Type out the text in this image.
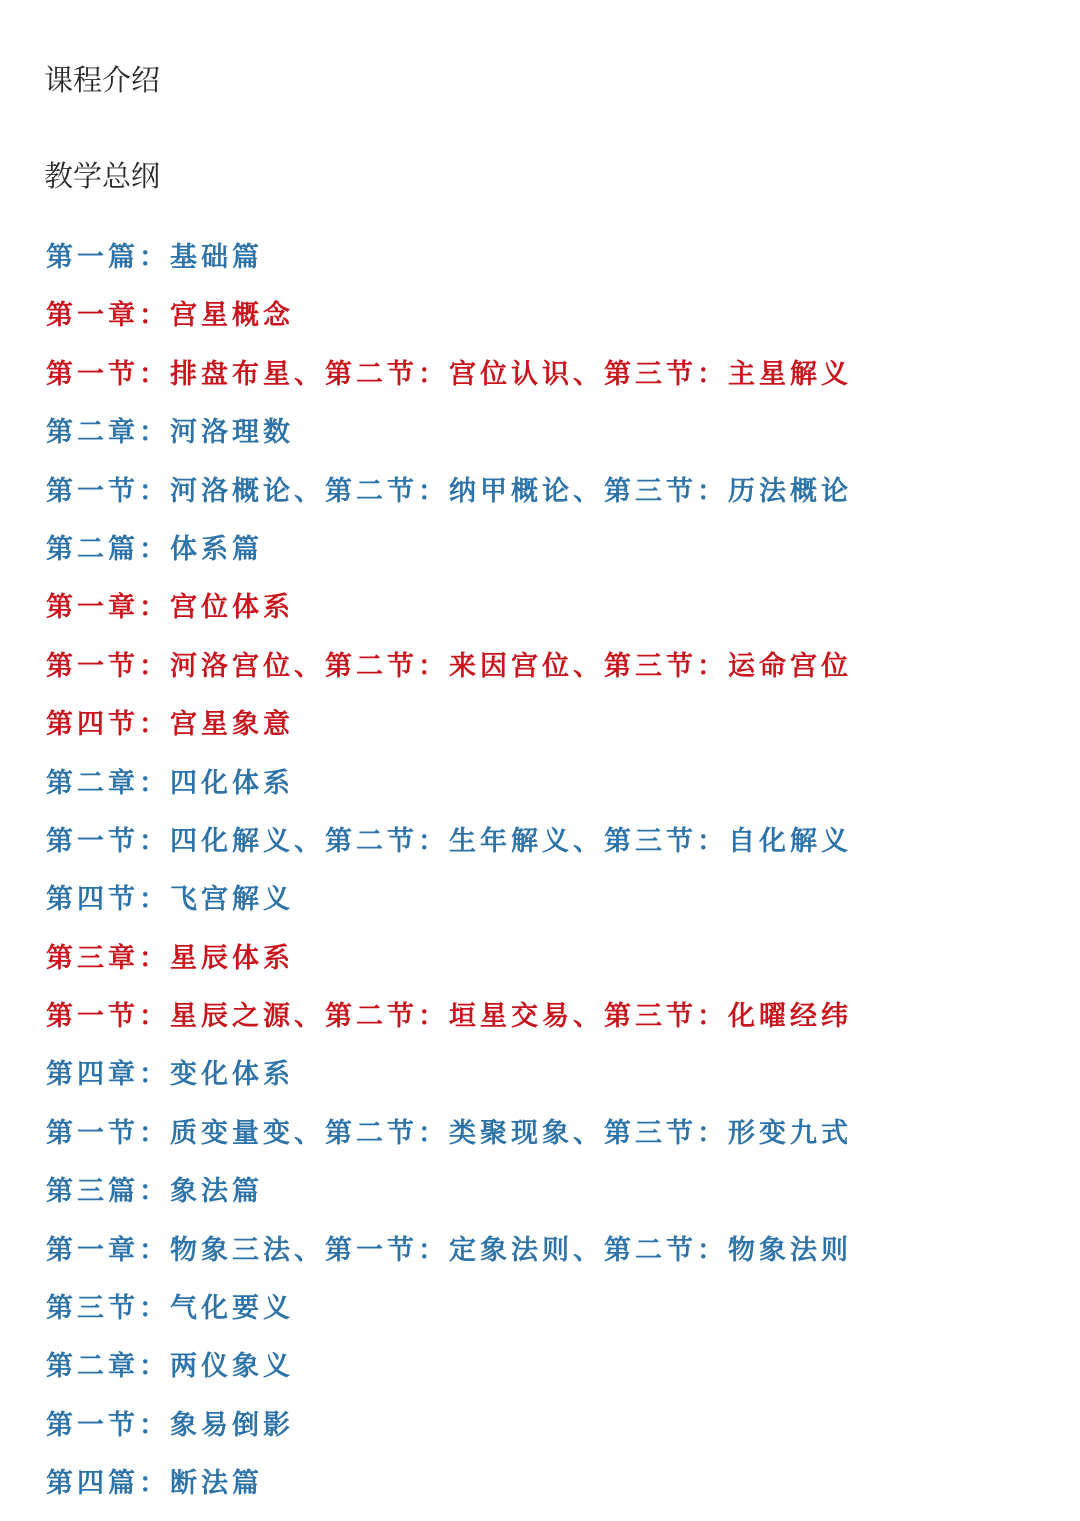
课程介绍
教学总纲
第一篇：基础篇
第一章：宫星概念
第一节：排盘布星、第二节：宫位认识、第三节：主星解义
第二章：河洛理数
第一节：河洛概论、第二节：纳甲概论、第三节：历法概论
第二篇：体系篇
第一章：宫位体系
第一节：河洛宫位、第二节：来因宫位、第三节：运命宫位
第四节：宫星象意
第二章：四化体系
第一节：四化解义、第二节：生年解义、第三节：自化解义
第四节：飞宫解义
第三章：星辰体系
第一节：星辰之源、第二节：垣星交易、第三节：化曜经纬
第四章：变化体系
第一节：质变量变、第二节：类聚现象、第三节：形变九式
第三篇：象法篇
第一章：物象三法、第一节：定象法则、第二节：物象法则
第三节：气化要义
第二章：两仪象义
第一节：象易倒影
第四篇：断法篇
